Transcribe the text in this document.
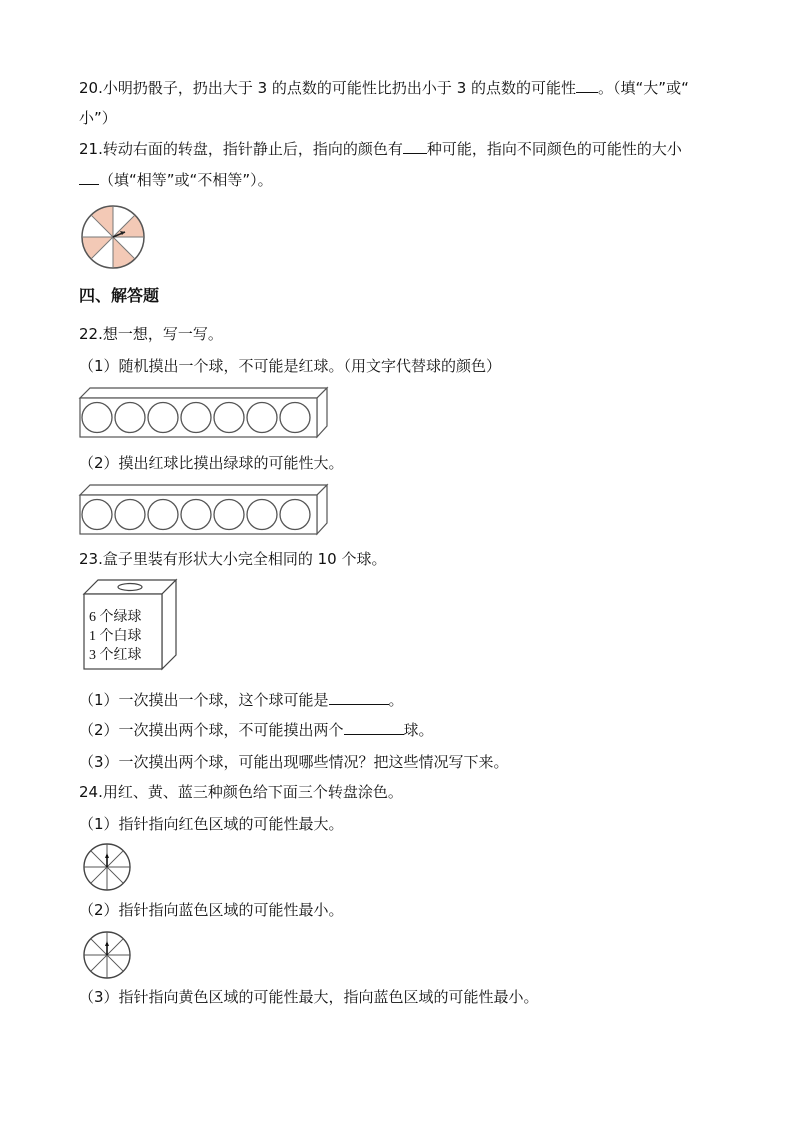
20.小明扔骰子，扔出大于 3 的点数的可能性比扔出小于 3 的点数的可能性 。（填“大”或“
小”）
21.转动右面的转盘，指针静止后，指向的颜色有 种可能，指向不同颜色的可能性的大小
（填“相等”或“不相等”）。
四、解答题
22.想一想，写一写。
（1）随机摸出一个球，不可能是红球。（用文字代替球的颜色）
（2）摸出红球比摸出绿球的可能性大。
23.盒子里装有形状大小完全相同的 10 个球。
6 个绿球
1 个白球
3 个红球
（1）一次摸出一个球，这个球可能是	。
（2）一次摸出两个球，不可能摸出两个	球。
（3）一次摸出两个球，可能出现哪些情况？把这些情况写下来。
24.用红、黄、蓝三种颜色给下面三个转盘涂色。
（1）指针指向红色区域的可能性最大。
（2）指针指向蓝色区域的可能性最小。
（3）指针指向黄色区域的可能性最大，指向蓝色区域的可能性最小。
